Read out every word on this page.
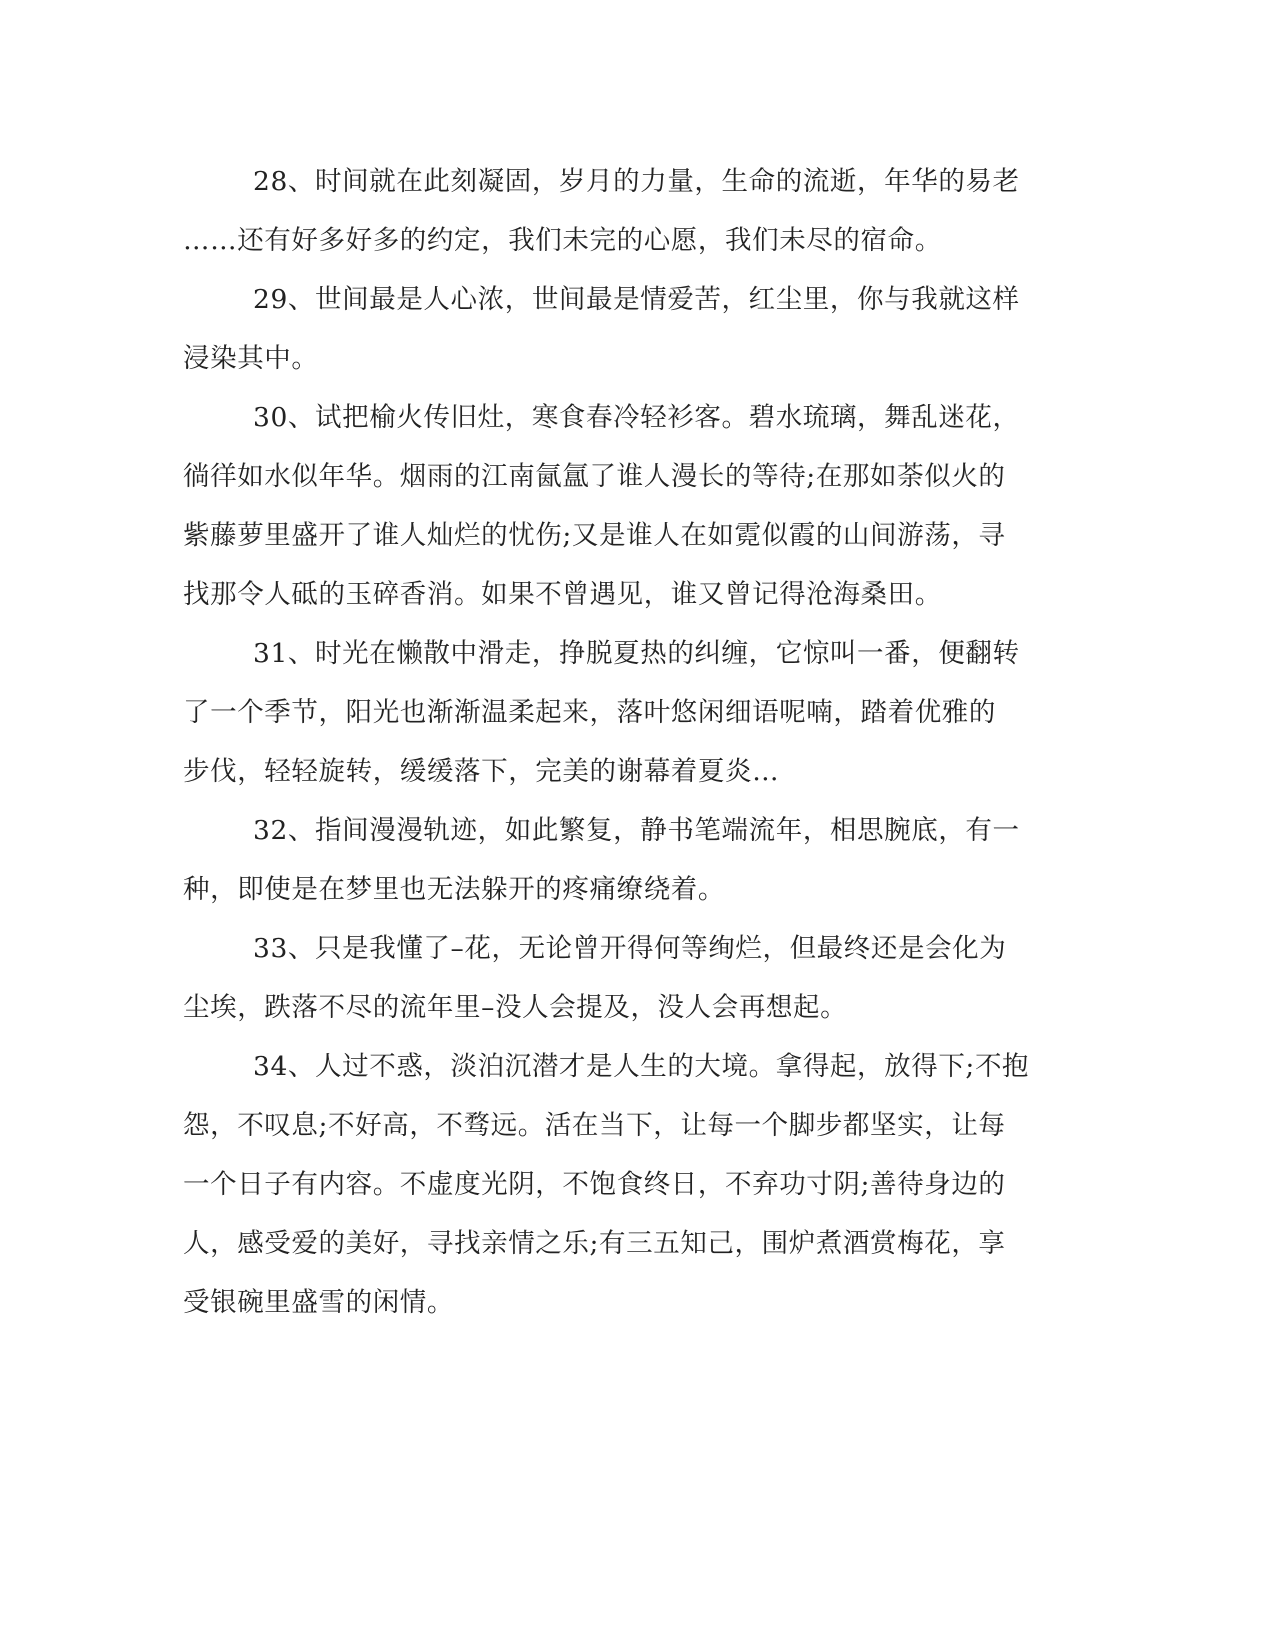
28、时间就在此刻凝固，岁月的力量，生命的流逝，年华的易老
……还有好多好多的约定，我们未完的心愿，我们未尽的宿命。

29、世间最是人心浓，世间最是情爱苦，红尘里，你与我就这样
浸染其中。

30、试把榆火传旧灶，寒食春冷轻衫客。碧水琉璃，舞乱迷花，
徜徉如水似年华。烟雨的江南氤氲了谁人漫长的等待;在那如荼似火的
紫藤萝里盛开了谁人灿烂的忧伤;又是谁人在如霓似霞的山间游荡，寻
找那令人砥的玉碎香消。如果不曾遇见，谁又曾记得沧海桑田。

31、时光在懒散中滑走，挣脱夏热的纠缠，它惊叫一番，便翻转
了一个季节，阳光也渐渐温柔起来，落叶悠闲细语呢喃，踏着优雅的
步伐，轻轻旋转，缓缓落下，完美的谢幕着夏炎…

32、指间漫漫轨迹，如此繁复，静书笔端流年，相思腕底，有一
种，即使是在梦里也无法躲开的疼痛缭绕着。

33、只是我懂了–花，无论曾开得何等绚烂，但最终还是会化为
尘埃，跌落不尽的流年里–没人会提及，没人会再想起。

34、人过不惑，淡泊沉潜才是人生的大境。拿得起，放得下;不抱
怨，不叹息;不好高，不骛远。活在当下，让每一个脚步都坚实，让每
一个日子有内容。不虚度光阴，不饱食终日，不弃功寸阴;善待身边的
人，感受爱的美好，寻找亲情之乐;有三五知己，围炉煮酒赏梅花，享
受银碗里盛雪的闲情。
